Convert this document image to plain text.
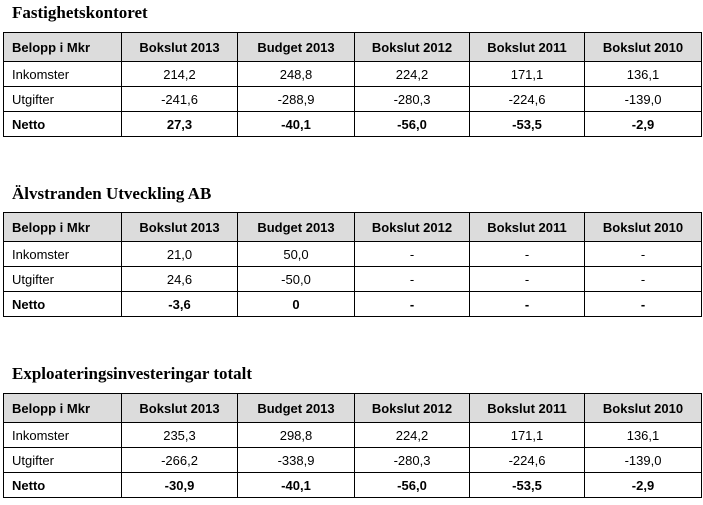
Fastighetskontoret
Belopp i Mkr	Bokslut 2013	Budget 2013	Bokslut 2012	Bokslut 2011	Bokslut 2010
Inkomster	214,2	248,8	224,2	171,1	136,1
Utgifter	-241,6	-288,9	-280,3	-224,6	-139,0
Netto	27,3	-40,1	-56,0	-53,5	-2,9
Älvstranden Utveckling AB
Belopp i Mkr	Bokslut 2013	Budget 2013	Bokslut 2012	Bokslut 2011	Bokslut 2010
Inkomster	21,0	50,0	-	-	-
Utgifter	24,6	-50,0	-	-	-
Netto	-3,6	0	-	-	-
Exploateringsinvesteringar totalt
Belopp i Mkr	Bokslut 2013	Budget 2013	Bokslut 2012	Bokslut 2011	Bokslut 2010
Inkomster	235,3	298,8	224,2	171,1	136,1
Utgifter	-266,2	-338,9	-280,3	-224,6	-139,0
Netto	-30,9	-40,1	-56,0	-53,5	-2,9
